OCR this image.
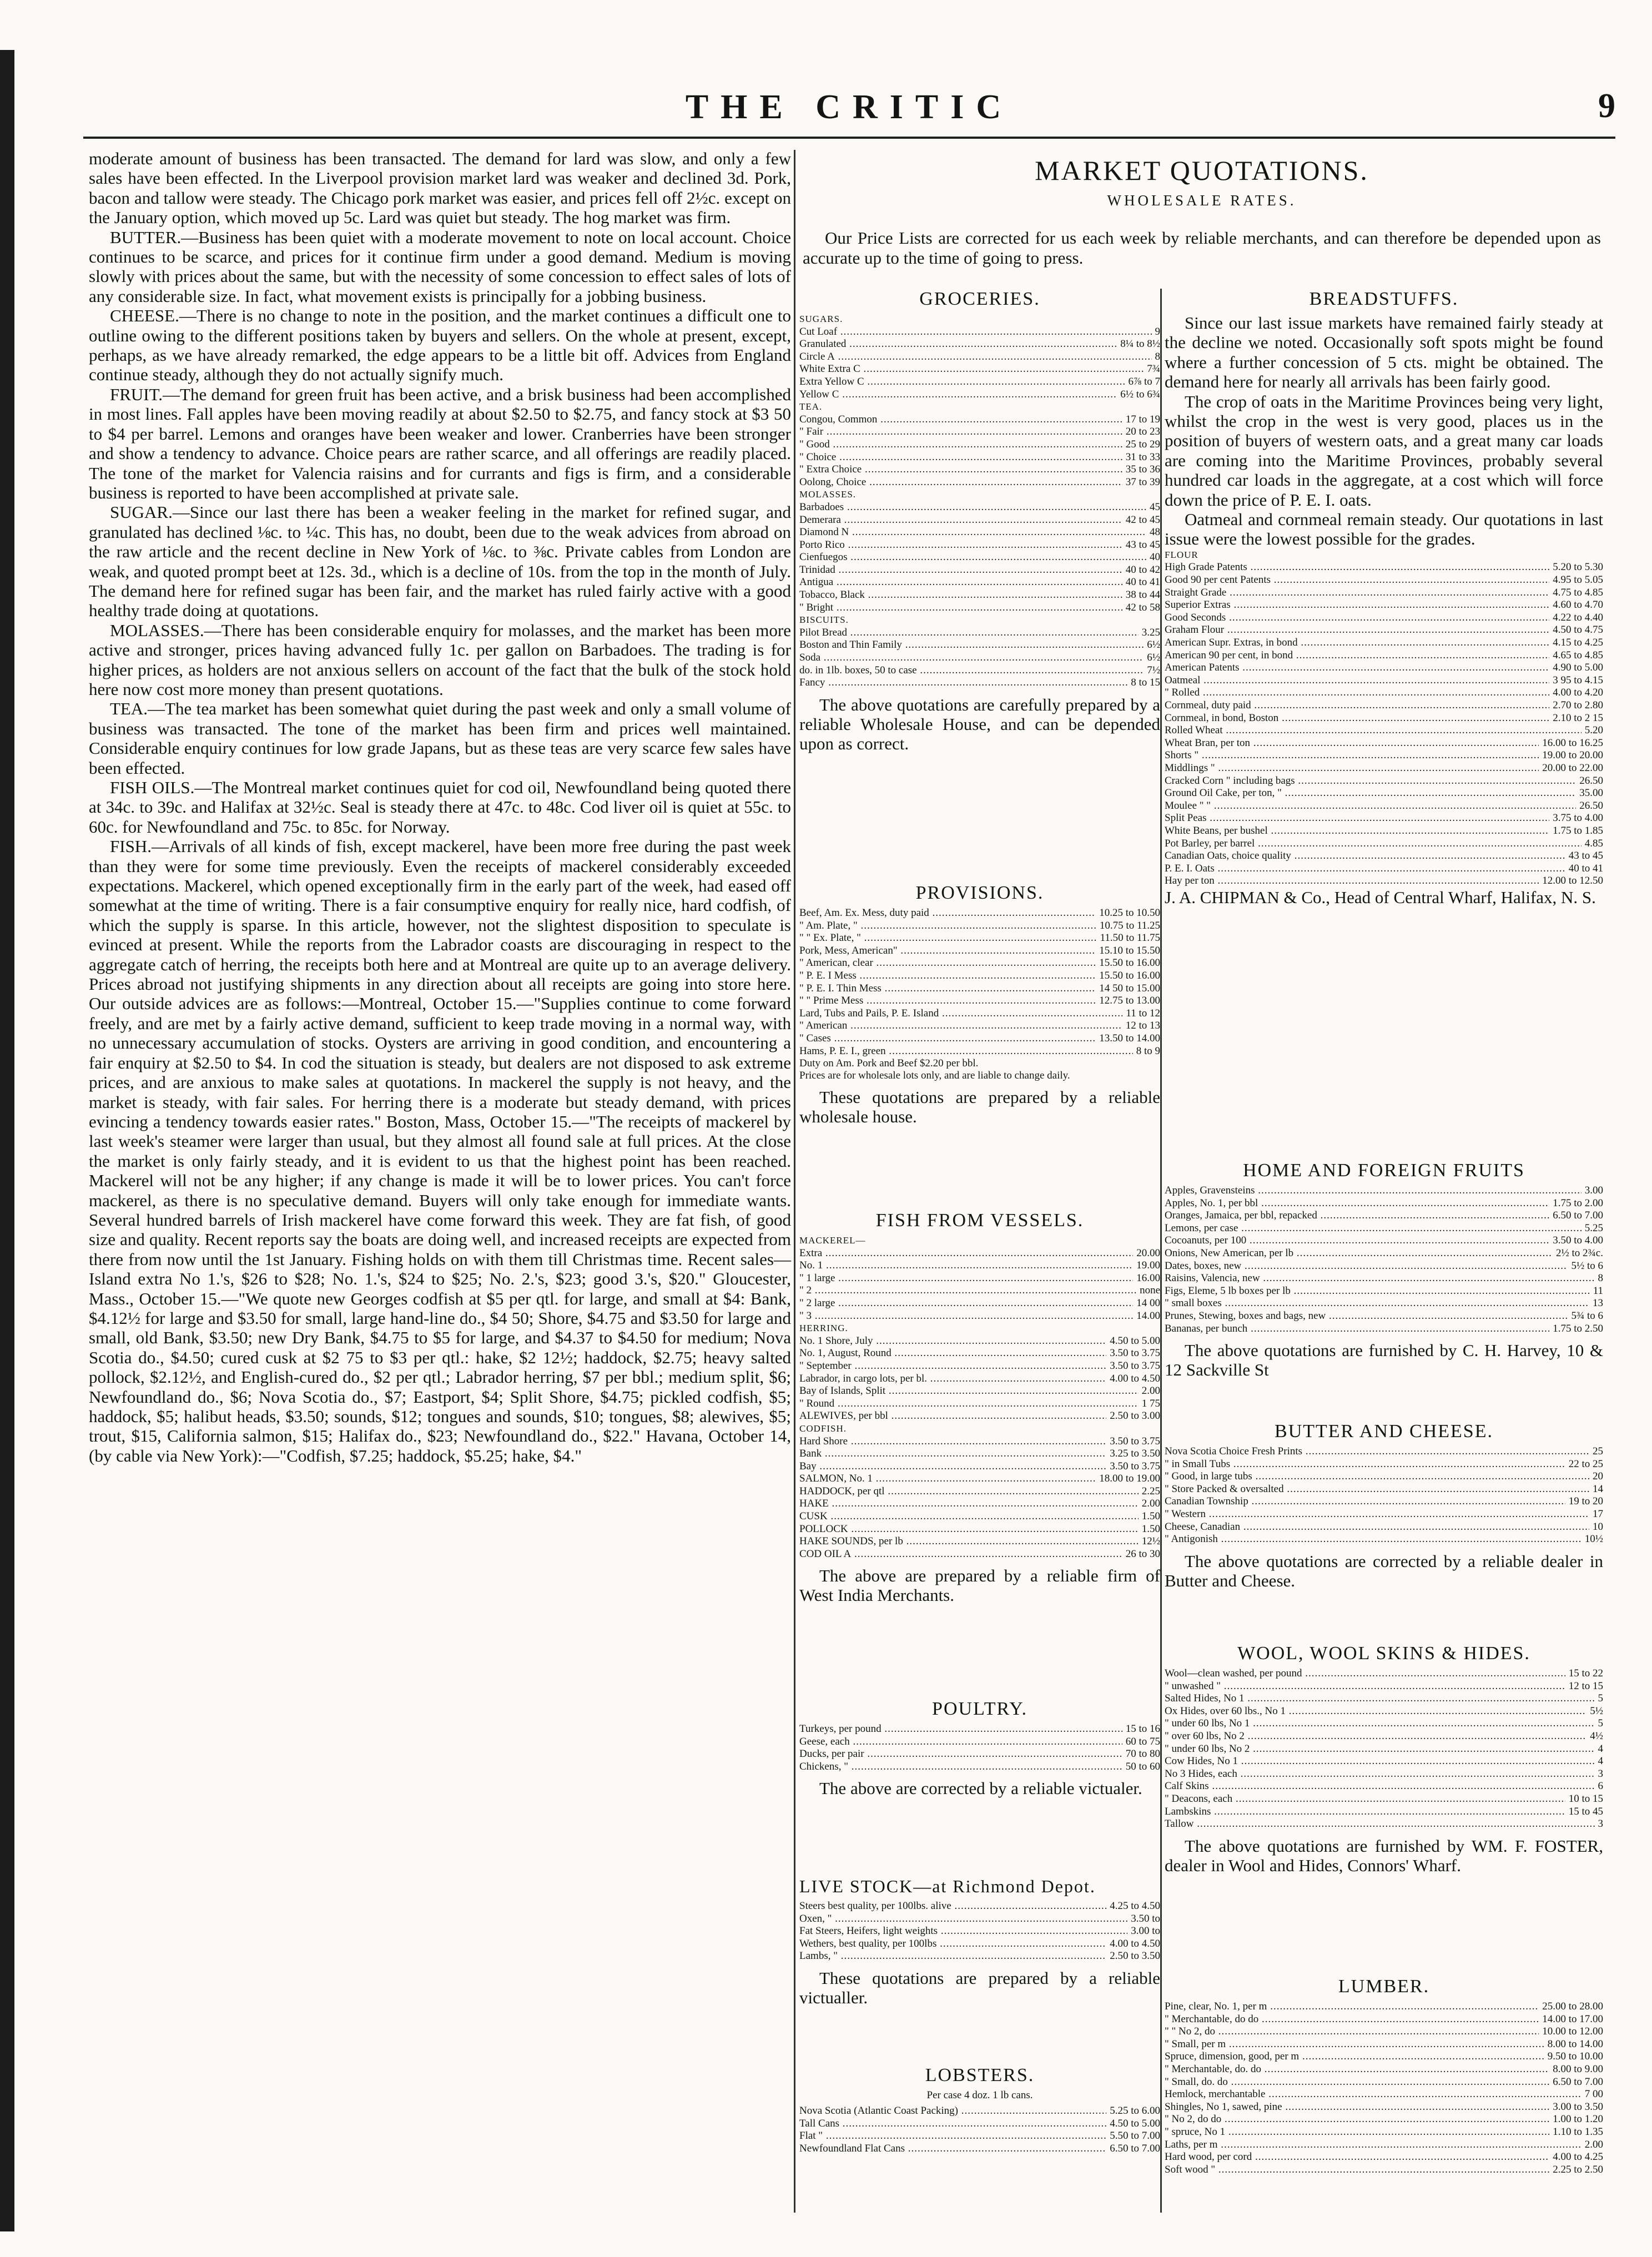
THE CRITIC	9

moderate amount of business has been transacted. The demand for lard was slow, and only a few sales have been effected. In the Liverpool provision market lard was weaker and declined 3d. Pork, bacon and tallow were steady. The Chicago pork market was easier, and prices fell off 2½c. except on the January option, which moved up 5c. Lard was quiet but steady. The hog market was firm.

BUTTER.—Business has been quiet with a moderate movement to note on local account. Choice continues to be scarce, and prices for it continue firm under a good demand. Medium is moving slowly with prices about the same, but with the necessity of some concession to effect sales of lots of any considerable size. In fact, what movement exists is principally for a jobbing business.

CHEESE.—There is no change to note in the position, and the market continues a difficult one to outline owing to the different positions taken by buyers and sellers. On the whole at present, except, perhaps, as we have already remarked, the edge appears to be a little bit off. Advices from England continue steady, although they do not actually signify much.

FRUIT.—The demand for green fruit has been active, and a brisk business had been accomplished in most lines. Fall apples have been moving readily at about $2.50 to $2.75, and fancy stock at $3 50 to $4 per barrel. Lemons and oranges have been weaker and lower. Cranberries have been stronger and show a tendency to advance. Choice pears are rather scarce, and all offerings are readily placed. The tone of the market for Valencia raisins and for currants and figs is firm, and a considerable business is reported to have been accomplished at private sale.

SUGAR.—Since our last there has been a weaker feeling in the market for refined sugar, and granulated has declined ⅛c. to ¼c. This has, no doubt, been due to the weak advices from abroad on the raw article and the recent decline in New York of ⅛c. to ⅜c. Private cables from London are weak, and quoted prompt beet at 12s. 3d., which is a decline of 10s. from the top in the month of July. The demand here for refined sugar has been fair, and the market has ruled fairly active with a good healthy trade doing at quotations.

MOLASSES.—There has been considerable enquiry for molasses, and the market has been more active and stronger, prices having advanced fully 1c. per gallon on Barbadoes. The trading is for higher prices, as holders are not anxious sellers on account of the fact that the bulk of the stock hold here now cost more money than present quotations.

TEA.—The tea market has been somewhat quiet during the past week and only a small volume of business was transacted. The tone of the market has been firm and prices well maintained. Considerable enquiry continues for low grade Japans, but as these teas are very scarce few sales have been effected.

FISH OILS.—The Montreal market continues quiet for cod oil, Newfoundland being quoted there at 34c. to 39c. and Halifax at 32½c. Seal is steady there at 47c. to 48c. Cod liver oil is quiet at 55c. to 60c. for Newfoundland and 75c. to 85c. for Norway.

FISH.—Arrivals of all kinds of fish, except mackerel, have been more free during the past week than they were for some time previously. Even the receipts of mackerel considerably exceeded expectations. Mackerel, which opened exceptionally firm in the early part of the week, had eased off somewhat at the time of writing. There is a fair consumptive enquiry for really nice, hard codfish, of which the supply is sparse. In this article, however, not the slightest disposition to speculate is evinced at present. While the reports from the Labrador coasts are discouraging in respect to the aggregate catch of herring, the receipts both here and at Montreal are quite up to an average delivery. Prices abroad not justifying shipments in any direction about all receipts are going into store here. Our outside advices are as follows:—Montreal, October 15.—"Supplies continue to come forward freely, and are met by a fairly active demand, sufficient to keep trade moving in a normal way, with no unnecessary accumulation of stocks. Oysters are arriving in good condition, and encountering a fair enquiry at $2.50 to $4. In cod the situation is steady, but dealers are not disposed to ask extreme prices, and are anxious to make sales at quotations. In mackerel the supply is not heavy, and the market is steady, with fair sales. For herring there is a moderate but steady demand, with prices evincing a tendency towards easier rates." Boston, Mass, October 15.—"The receipts of mackerel by last week's steamer were larger than usual, but they almost all found sale at full prices. At the close the market is only fairly steady, and it is evident to us that the highest point has been reached. Mackerel will not be any higher; if any change is made it will be to lower prices. You can't force mackerel, as there is no speculative demand. Buyers will only take enough for immediate wants. Several hundred barrels of Irish mackerel have come forward this week. They are fat fish, of good size and quality. Recent reports say the boats are doing well, and increased receipts are expected from there from now until the 1st January. Fishing holds on with them till Christmas time. Recent sales—Island extra No 1.'s, $26 to $28; No. 1.'s, $24 to $25; No. 2.'s, $23; good 3.'s, $20." Gloucester, Mass., October 15.—"We quote new Georges codfish at $5 per qtl. for large, and small at $4: Bank, $4.12½ for large and $3.50 for small, large hand-line do., $4 50; Shore, $4.75 and $3.50 for large and small, old Bank, $3.50; new Dry Bank, $4.75 to $5 for large, and $4.37 to $4.50 for medium; Nova Scotia do., $4.50; cured cusk at $2 75 to $3 per qtl.: hake, $2 12½; haddock, $2.75; heavy salted pollock, $2.12½, and English-cured do., $2 per qtl.; Labrador herring, $7 per bbl.; medium split, $6; Newfoundland do., $6; Nova Scotia do., $7; Eastport, $4; Split Shore, $4.75; pickled codfish, $5; haddock, $5; halibut heads, $3.50; sounds, $12; tongues and sounds, $10; tongues, $8; alewives, $5; trout, $15, California salmon, $15; Halifax do., $23; Newfoundland do., $22." Havana, October 14, (by cable via New York):—"Codfish, $7.25; haddock, $5.25; hake, $4."

MARKET QUOTATIONS.
WHOLESALE RATES.
Our Price Lists are corrected for us each week by reliable merchants, and can therefore be depended upon as accurate up to the time of going to press.
GROCERIES.
SUGARS.
Cut Loaf .....	9
Granulated .....	8¼ to 8½
Circle A .....	8
White Extra C .....	7¾
Extra Yellow C .....	6⅞ to 7
Yellow C .....	6½ to 6¾
TEA.
Congou, Common .....	17 to 19
" Fair .....	20 to 23
" Good .....	25 to 29
" Choice .....	31 to 33
" Extra Choice .....	35 to 36
Oolong, Choice .....	37 to 39
MOLASSES.
Barbadoes .....	45
Demerara .....	42 to 45
Diamond N .....	48
Porto Rico .....	43 to 45
Cienfuegos .....	40
Trinidad .....	40 to 42
Antigua .....	40 to 41
Tobacco, Black .....	38 to 44
" Bright .....	42 to 58
BISCUITS.
Pilot Bread .....	3.25
Boston and Thin Family .....	6½
Soda .....	6½
do. in 1lb. boxes, 50 to case .....	7½
Fancy .....	8 to 15
The above quotations are carefully prepared by a reliable Wholesale House, and can be depended upon as correct.
PROVISIONS.
Beef, Am. Ex. Mess, duty paid .....	10.25 to 10.50
" Am. Plate, " .....	10.75 to 11.25
" " Ex. Plate, " .....	11.50 to 11.75
Pork, Mess, American" .....	15.10 to 15.50
" American, clear .....	15.50 to 16.00
" P. E. I Mess .....	15.50 to 16.00
" P. E. I. Thin Mess .....	14 50 to 15.00
" " Prime Mess .....	12.75 to 13.00
Lard, Tubs and Pails, P. E. Island .....	11 to 12
" American .....	12 to 13
" Cases .....	13.50 to 14.00
Hams, P. E. I., green .....	8 to 9
Duty on Am. Pork and Beef $2.20 per bbl.
Prices are for wholesale lots only, and are liable to change daily.
These quotations are prepared by a reliable wholesale house.
FISH FROM VESSELS.
MACKEREL—
Extra .....	20.00
No. 1 .....	19.00
" 1 large .....	16.00
" 2 .....	none
" 2 large .....	14 00
" 3 .....	14.00
HERRING.
No. 1 Shore, July .....	4.50 to 5.00
No. 1, August, Round .....	3.50 to 3.75
" September .....	3.50 to 3.75
Labrador, in cargo lots, per bl. .....	4.00 to 4.50
Bay of Islands, Split .....	2.00
" Round .....	1 75
ALEWIVES, per bbl .....	2.50 to 3.00
CODFISH.
Hard Shore .....	3.50 to 3.75
Bank .....	3.25 to 3.50
Bay .....	3.50 to 3.75
SALMON, No. 1 .....	18.00 to 19.00
HADDOCK, per qtl .....	2.25
HAKE .....	2.00
CUSK .....	1.50
POLLOCK .....	1.50
HAKE SOUNDS, per lb .....	12½
COD OIL A .....	26 to 30
The above are prepared by a reliable firm of West India Merchants.
POULTRY.
Turkeys, per pound .....	15 to 16
Geese, each .....	60 to 75
Ducks, per pair .....	70 to 80
Chickens, " .....	50 to 60
The above are corrected by a reliable victualer.
LIVE STOCK—at Richmond Depot.
Steers best quality, per 100lbs. alive .....	4.25 to 4.50
Oxen, " .....	3.50 to
Fat Steers, Heifers, light weights .....	3.00 to
Wethers, best quality, per 100lbs .....	4.00 to 4.50
Lambs, " .....	2.50 to 3.50
These quotations are prepared by a reliable victualler.
LOBSTERS.
Per case 4 doz. 1 lb cans.
Nova Scotia (Atlantic Coast Packing) .....	5.25 to 6.00
Tall Cans .....	4.50 to 5.00
Flat " .....	5.50 to 7.00
Newfoundland Flat Cans .....	6.50 to 7.00
BREADSTUFFS.

Since our last issue markets have remained fairly steady at the decline we noted. Occasionally soft spots might be found where a further concession of 5 cts. might be obtained. The demand here for nearly all arrivals has been fairly good.

The crop of oats in the Maritime Provinces being very light, whilst the crop in the west is very good, places us in the position of buyers of western oats, and a great many car loads are coming into the Maritime Provinces, probably several hundred car loads in the aggregate, at a cost which will force down the price of P. E. I. oats.

Oatmeal and cornmeal remain steady. Our quotations in last issue were the lowest possible for the grades.

FLOUR
High Grade Patents .....	5.20 to 5.30
Good 90 per cent Patents .....	4.95 to 5.05
Straight Grade .....	4.75 to 4.85
Superior Extras .....	4.60 to 4.70
Good Seconds .....	4.22 to 4.40
Graham Flour .....	4.50 to 4.75
American Supr. Extras, in bond .....	4.15 to 4.25
American 90 per cent, in bond .....	4.65 to 4.85
American Patents .....	4.90 to 5.00
Oatmeal .....	3 95 to 4.15
" Rolled .....	4.00 to 4.20
Cornmeal, duty paid .....	2.70 to 2.80
Cornmeal, in bond, Boston .....	2.10 to 2 15
Rolled Wheat .....	5.20
Wheat Bran, per ton .....	16.00 to 16.25
Shorts " .....	19.00 to 20.00
Middlings " .....	20.00 to 22.00
Cracked Corn " including bags .....	26.50
Ground Oil Cake, per ton, " .....	35.00
Moulee " " .....	26.50
Split Peas .....	3.75 to 4.00
White Beans, per bushel .....	1.75 to 1.85
Pot Barley, per barrel .....	4.85
Canadian Oats, choice quality .....	43 to 45
P. E. I. Oats .....	40 to 41
Hay per ton .....	12.00 to 12.50
J. A. CHIPMAN & Co., Head of Central Wharf, Halifax, N. S.
HOME AND FOREIGN FRUITS
Apples, Gravensteins .....	3.00
Apples, No. 1, per bbl .....	1.75 to 2.00
Oranges, Jamaica, per bbl, repacked .....	6.50 to 7.00
Lemons, per case .....	5.25
Cocoanuts, per 100 .....	3.50 to 4.00
Onions, New American, per lb .....	2½ to 2¾c.
Dates, boxes, new .....	5½ to 6
Raisins, Valencia, new .....	8
Figs, Eleme, 5 lb boxes per lb .....	11
" small boxes .....	13
Prunes, Stewing, boxes and bags, new .....	5¾ to 6
Bananas, per bunch .....	1.75 to 2.50
The above quotations are furnished by C. H. Harvey, 10 & 12 Sackville St
BUTTER AND CHEESE.
Nova Scotia Choice Fresh Prints .....	25
" in Small Tubs .....	22 to 25
" Good, in large tubs .....	20
" Store Packed & oversalted .....	14
Canadian Township .....	19 to 20
" Western .....	17
Cheese, Canadian .....	10
" Antigonish .....	10½
The above quotations are corrected by a reliable dealer in Butter and Cheese.
WOOL, WOOL SKINS & HIDES.
Wool—clean washed, per pound .....	15 to 22
" unwashed " .....	12 to 15
Salted Hides, No 1 .....	5
Ox Hides, over 60 lbs., No 1 .....	5½
" under 60 lbs, No 1 .....	5
" over 60 lbs, No 2 .....	4½
" under 60 lbs, No 2 .....	4
Cow Hides, No 1 .....	4
No 3 Hides, each .....	3
Calf Skins .....	6
" Deacons, each .....	10 to 15
Lambskins .....	15 to 45
Tallow .....	3
The above quotations are furnished by WM. F. FOSTER, dealer in Wool and Hides, Connors' Wharf.
LUMBER.
Pine, clear, No. 1, per m .....	25.00 to 28.00
" Merchantable, do do .....	14.00 to 17.00
" " No 2, do .....	10.00 to 12.00
" Small, per m .....	8.00 to 14.00
Spruce, dimension, good, per m .....	9.50 to 10.00
" Merchantable, do. do .....	8.00 to 9.00
" Small, do. do .....	6.50 to 7.00
Hemlock, merchantable .....	7 00
Shingles, No 1, sawed, pine .....	3.00 to 3.50
" No 2, do do .....	1.00 to 1.20
" spruce, No 1 .....	1.10 to 1.35
Laths, per m .....	2.00
Hard wood, per cord .....	4.00 to 4.25
Soft wood " .....	2.25 to 2.50
